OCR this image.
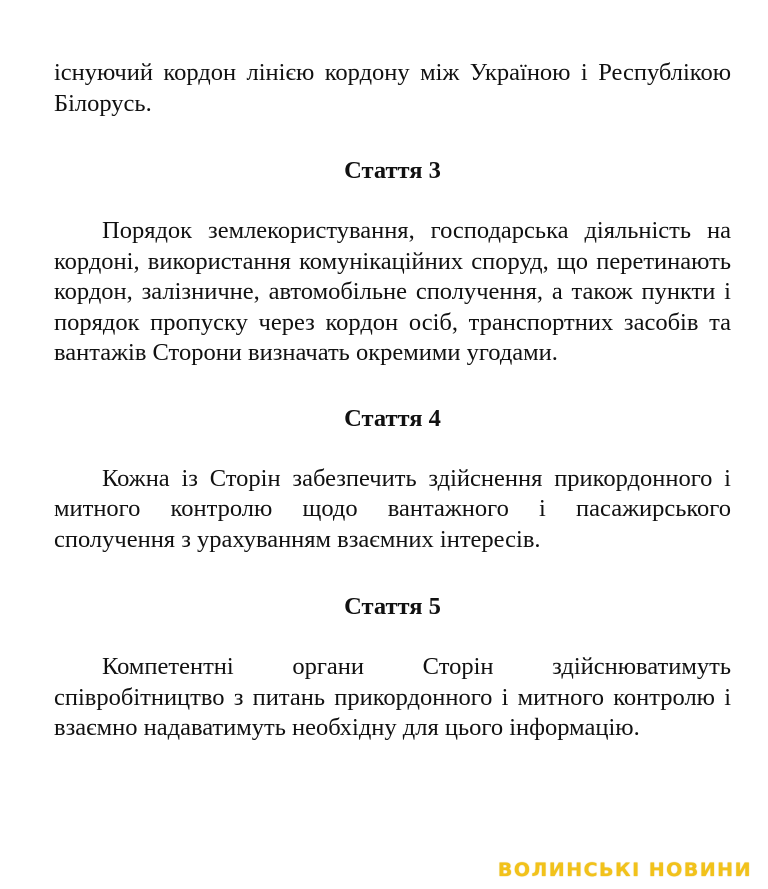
існуючий кордон лінією кордону між Україною і Республікою Білорусь.

Стаття 3

Порядок землекористування, господарська діяльність на кордоні, використання комунікаційних споруд, що перетинають кордон, залізничне, автомобільне сполучення, а також пункти і порядок пропуску через кордон осіб, транспортних засобів та вантажів Сторони визначать окремими угодами.

Стаття 4

Кожна із Сторін забезпечить здійснення прикордонного і митного контролю щодо вантажного і пасажирського сполучення з урахуванням взаємних інтересів.

Стаття 5

Компетентні органи Сторін здійснюватимуть співробітництво з питань прикордонного і митного контролю і взаємно надаватимуть необхідну для цього інформацію.

ВОЛИНСЬКІ НОВИНИ
